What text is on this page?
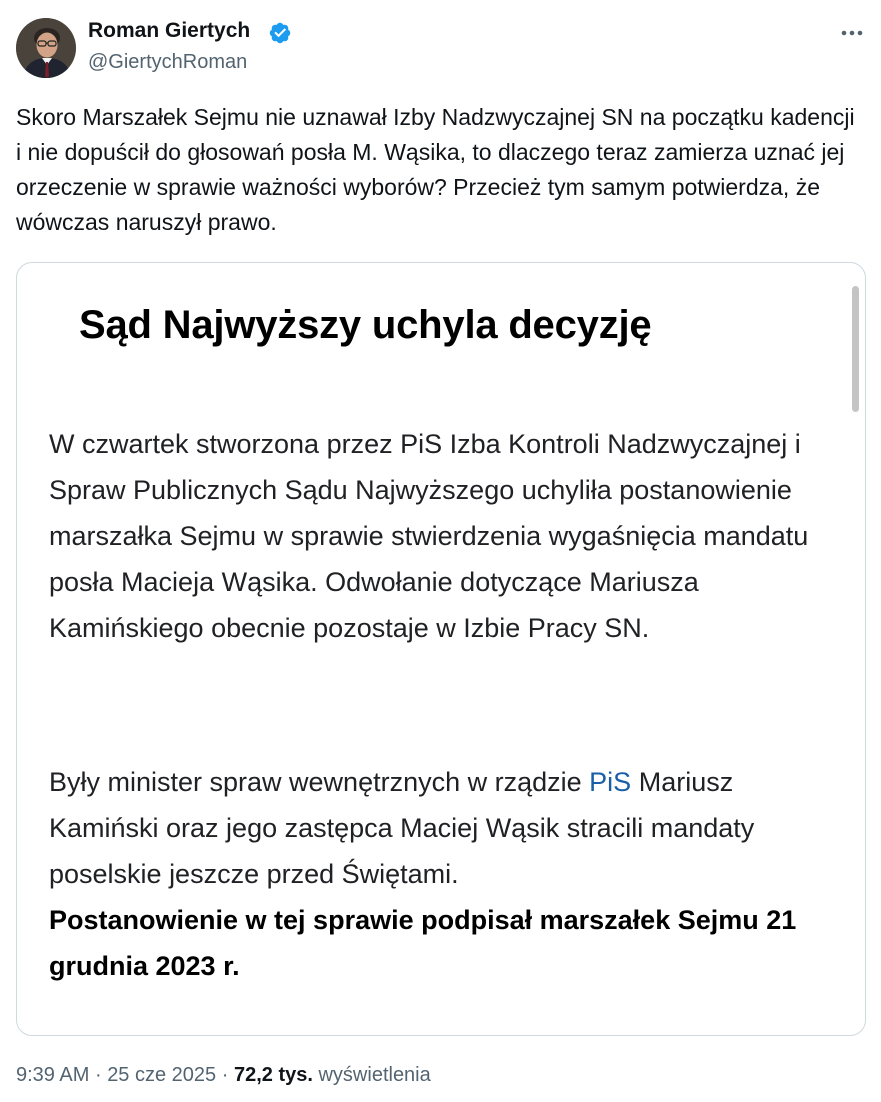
Roman Giertych
@GiertychRoman

Skoro Marszałek Sejmu nie uznawał Izby Nadzwyczajnej SN na początku kadencji i nie dopuścił do głosowań posła M. Wąsika, to dlaczego teraz zamierza uznać jej orzeczenie w sprawie ważności wyborów? Przecież tym samym potwierdza, że wówczas naruszył prawo.

Sąd Najwyższy uchyla decyzję

W czwartek stworzona przez PiS Izba Kontroli Nadzwyczajnej i Spraw Publicznych Sądu Najwyższego uchyliła postanowienie marszałka Sejmu w sprawie stwierdzenia wygaśnięcia mandatu posła Macieja Wąsika. Odwołanie dotyczące Mariusza Kamińskiego obecnie pozostaje w Izbie Pracy SN.

Były minister spraw wewnętrznych w rządzie PiS Mariusz Kamiński oraz jego zastępca Maciej Wąsik stracili mandaty poselskie jeszcze przed Świętami.
Postanowienie w tej sprawie podpisał marszałek Sejmu 21 grudnia 2023 r.

9:39 AM · 25 cze 2025 · 72,2 tys. wyświetlenia
